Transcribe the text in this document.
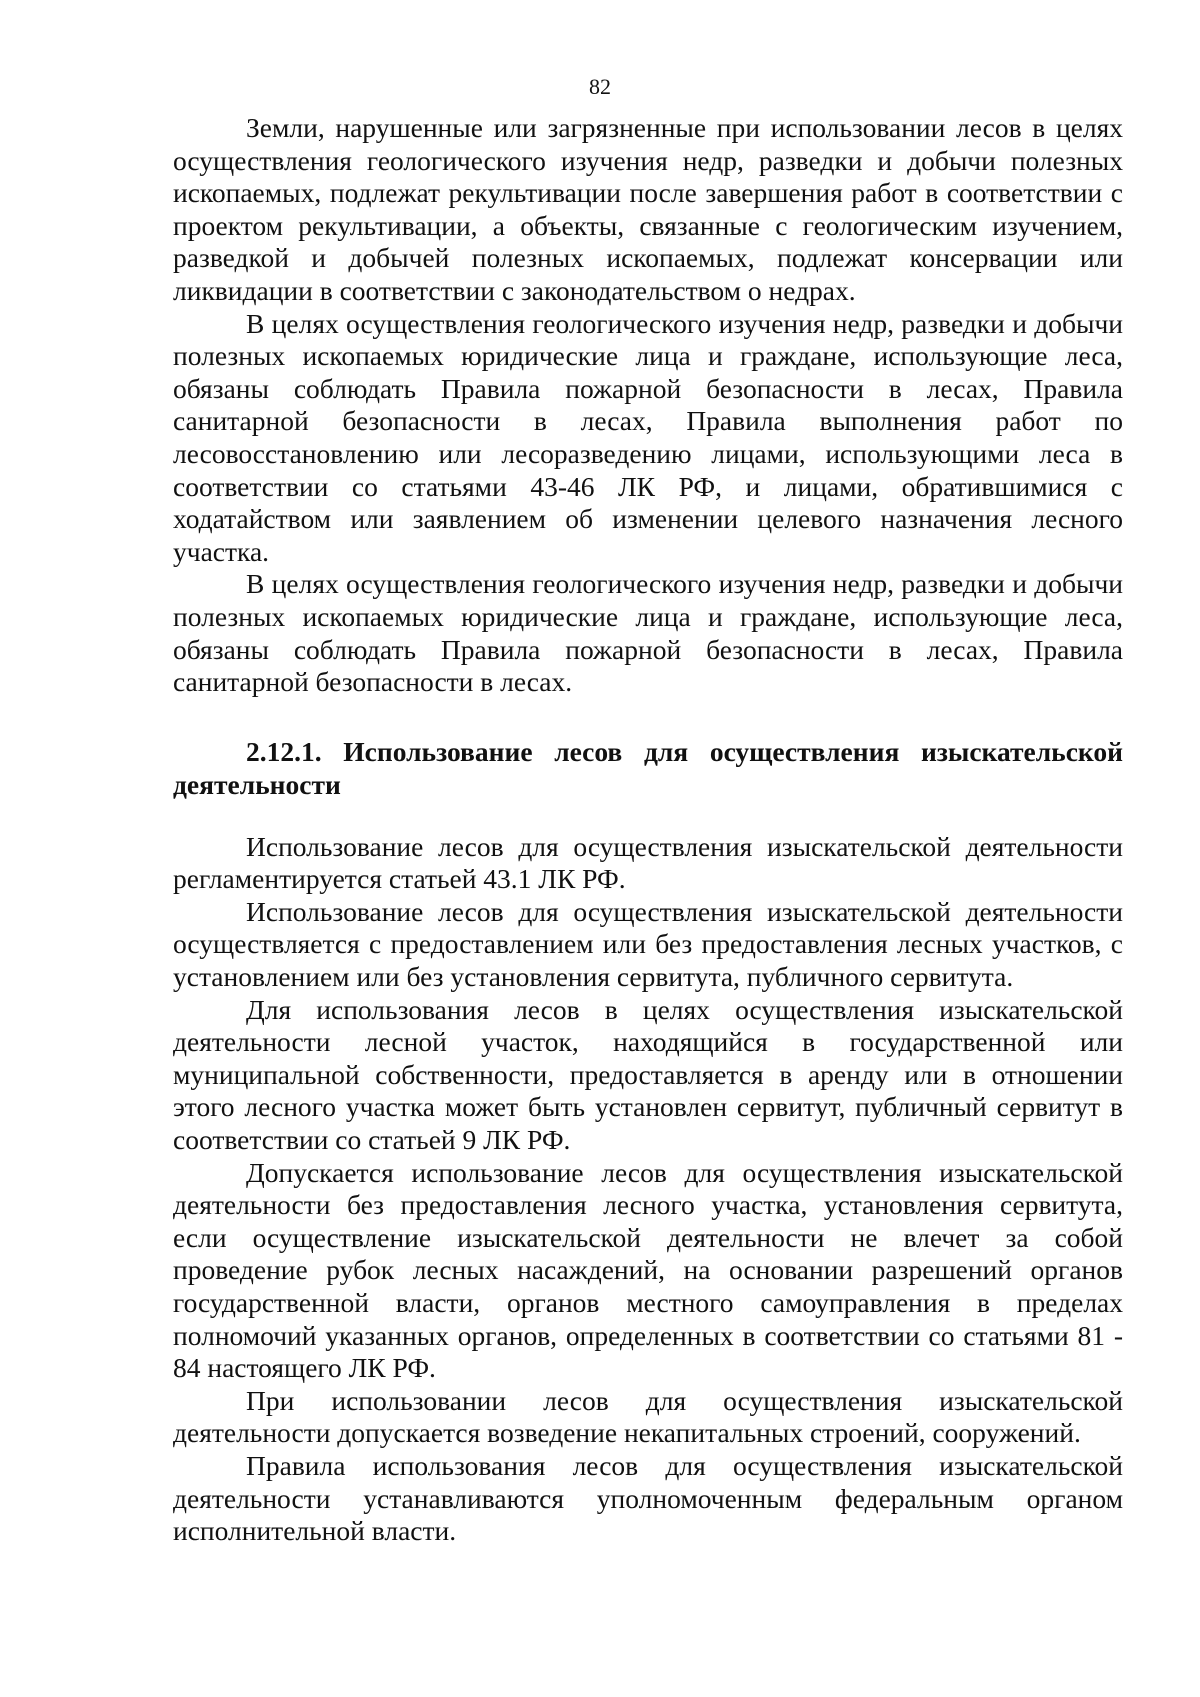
82

Земли, нарушенные или загрязненные при использовании лесов в целях осуществления геологического изучения недр, разведки и добычи полезных ископаемых, подлежат рекультивации после завершения работ в соответствии с проектом рекультивации, а объекты, связанные с геологическим изучением, разведкой и добычей полезных ископаемых, подлежат консервации или ликвидации в соответствии с законодательством о недрах.

В целях осуществления геологического изучения недр, разведки и добычи полезных ископаемых юридические лица и граждане, использующие леса, обязаны соблюдать Правила пожарной безопасности в лесах, Правила санитарной безопасности в лесах, Правила выполнения работ по лесовосстановлению или лесоразведению лицами, использующими леса в соответствии со статьями 43-46 ЛК РФ, и лицами, обратившимися с ходатайством или заявлением об изменении целевого назначения лесного участка.

В целях осуществления геологического изучения недр, разведки и добычи полезных ископаемых юридические лица и граждане, использующие леса, обязаны соблюдать Правила пожарной безопасности в лесах, Правила санитарной безопасности в лесах.

2.12.1. Использование лесов для осуществления изыскательской деятельности

Использование лесов для осуществления изыскательской деятельности регламентируется статьей 43.1 ЛК РФ.

Использование лесов для осуществления изыскательской деятельности осуществляется с предоставлением или без предоставления лесных участков, с установлением или без установления сервитута, публичного сервитута.

Для использования лесов в целях осуществления изыскательской деятельности лесной участок, находящийся в государственной или муниципальной собственности, предоставляется в аренду или в отношении этого лесного участка может быть установлен сервитут, публичный сервитут в соответствии со статьей 9 ЛК РФ.

Допускается использование лесов для осуществления изыскательской деятельности без предоставления лесного участка, установления сервитута, если осуществление изыскательской деятельности не влечет за собой проведение рубок лесных насаждений, на основании разрешений органов государственной власти, органов местного самоуправления в пределах полномочий указанных органов, определенных в соответствии со статьями 81 - 84 настоящего ЛК РФ.

При использовании лесов для осуществления изыскательской деятельности допускается возведение некапитальных строений, сооружений.

Правила использования лесов для осуществления изыскательской деятельности устанавливаются уполномоченным федеральным органом исполнительной власти.
